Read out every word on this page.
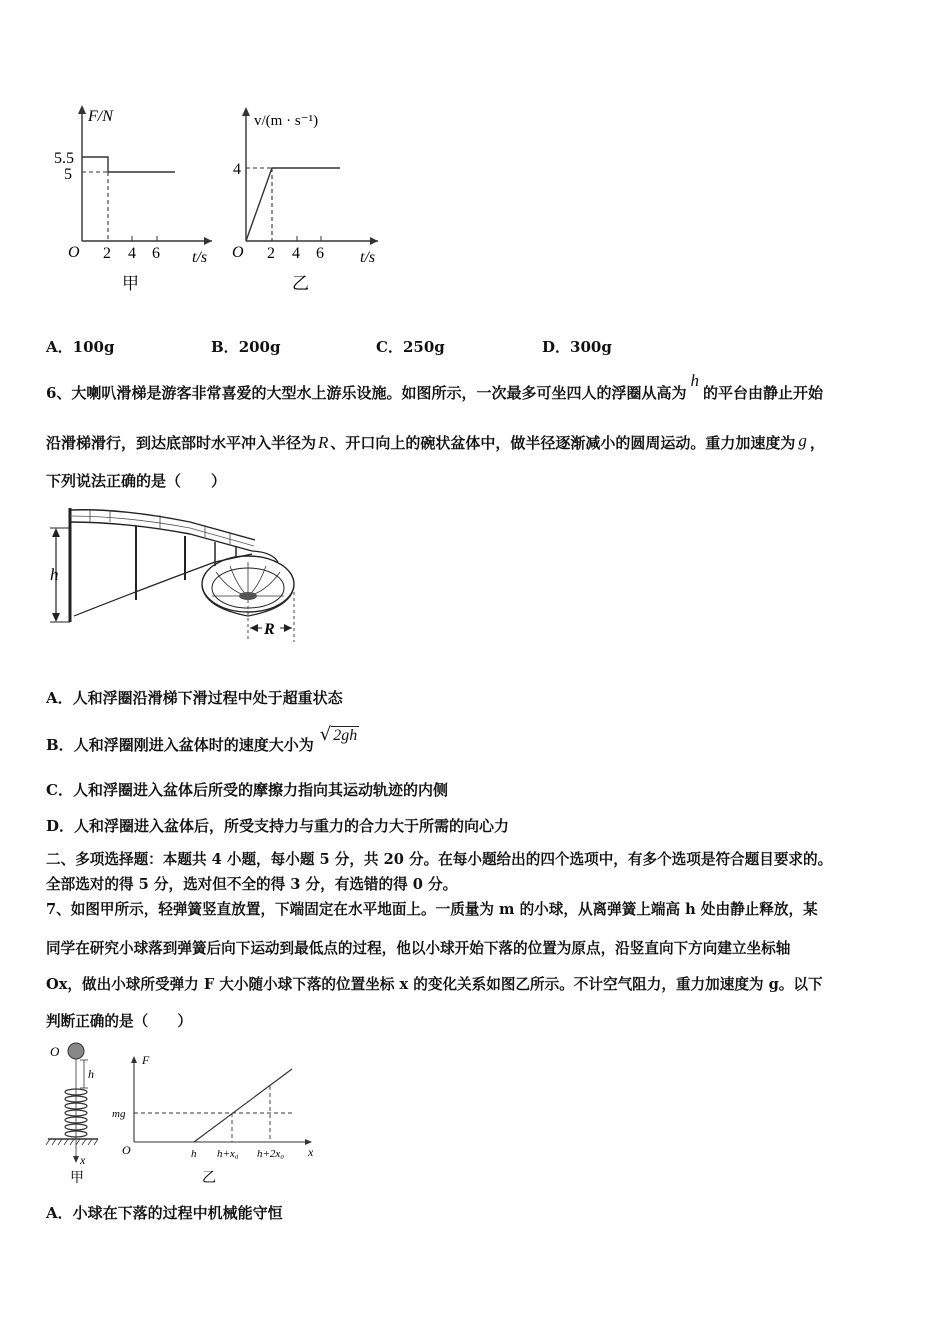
F/N
5.5
5
O 2 4 6 t/s
甲
v/(m · s⁻¹)
4
O 2 4 6 t/s
乙
A．100g	B．200g	C．250g	D．300g
6、大喇叭滑梯是游客非常喜爱的大型水上游乐设施。如图所示，一次最多可坐四人的浮圈从高为h的平台由静止开始
沿滑梯滑行，到达底部时水平冲入半径为 R 、开口向上的碗状盆体中，做半径逐渐减小的圆周运动。重力加速度为 g ，
下列说法正确的是（　　）
h
R
A．人和浮圈沿滑梯下滑过程中处于超重状态
B．人和浮圈刚进入盆体时的速度大小为 √ 2gh
C．人和浮圈进入盆体后所受的摩擦力指向其运动轨迹的内侧
D．人和浮圈进入盆体后，所受支持力与重力的合力大于所需的向心力
二、多项选择题：本题共 4 小题，每小题 5 分，共 20 分。在每小题给出的四个选项中，有多个选项是符合题目要求的。
全部选对的得 5 分，选对但不全的得 3 分，有选错的得 0 分。
7、如图甲所示，轻弹簧竖直放置，下端固定在水平地面上。一质量为 m 的小球，从离弹簧上端高 h 处由静止释放，某
同学在研究小球落到弹簧后向下运动到最低点的过程，他以小球开始下落的位置为原点，沿竖直向下方向建立坐标轴
Ox，做出小球所受弹力 F 大小随小球下落的位置坐标 x 的变化关系如图乙所示。不计空气阻力，重力加速度为 g。以下
判断正确的是（　　）
O
h
x
甲
F
mg
O	h h+x₀ h+2x₀ x
乙
A．小球在下落的过程中机械能守恒
